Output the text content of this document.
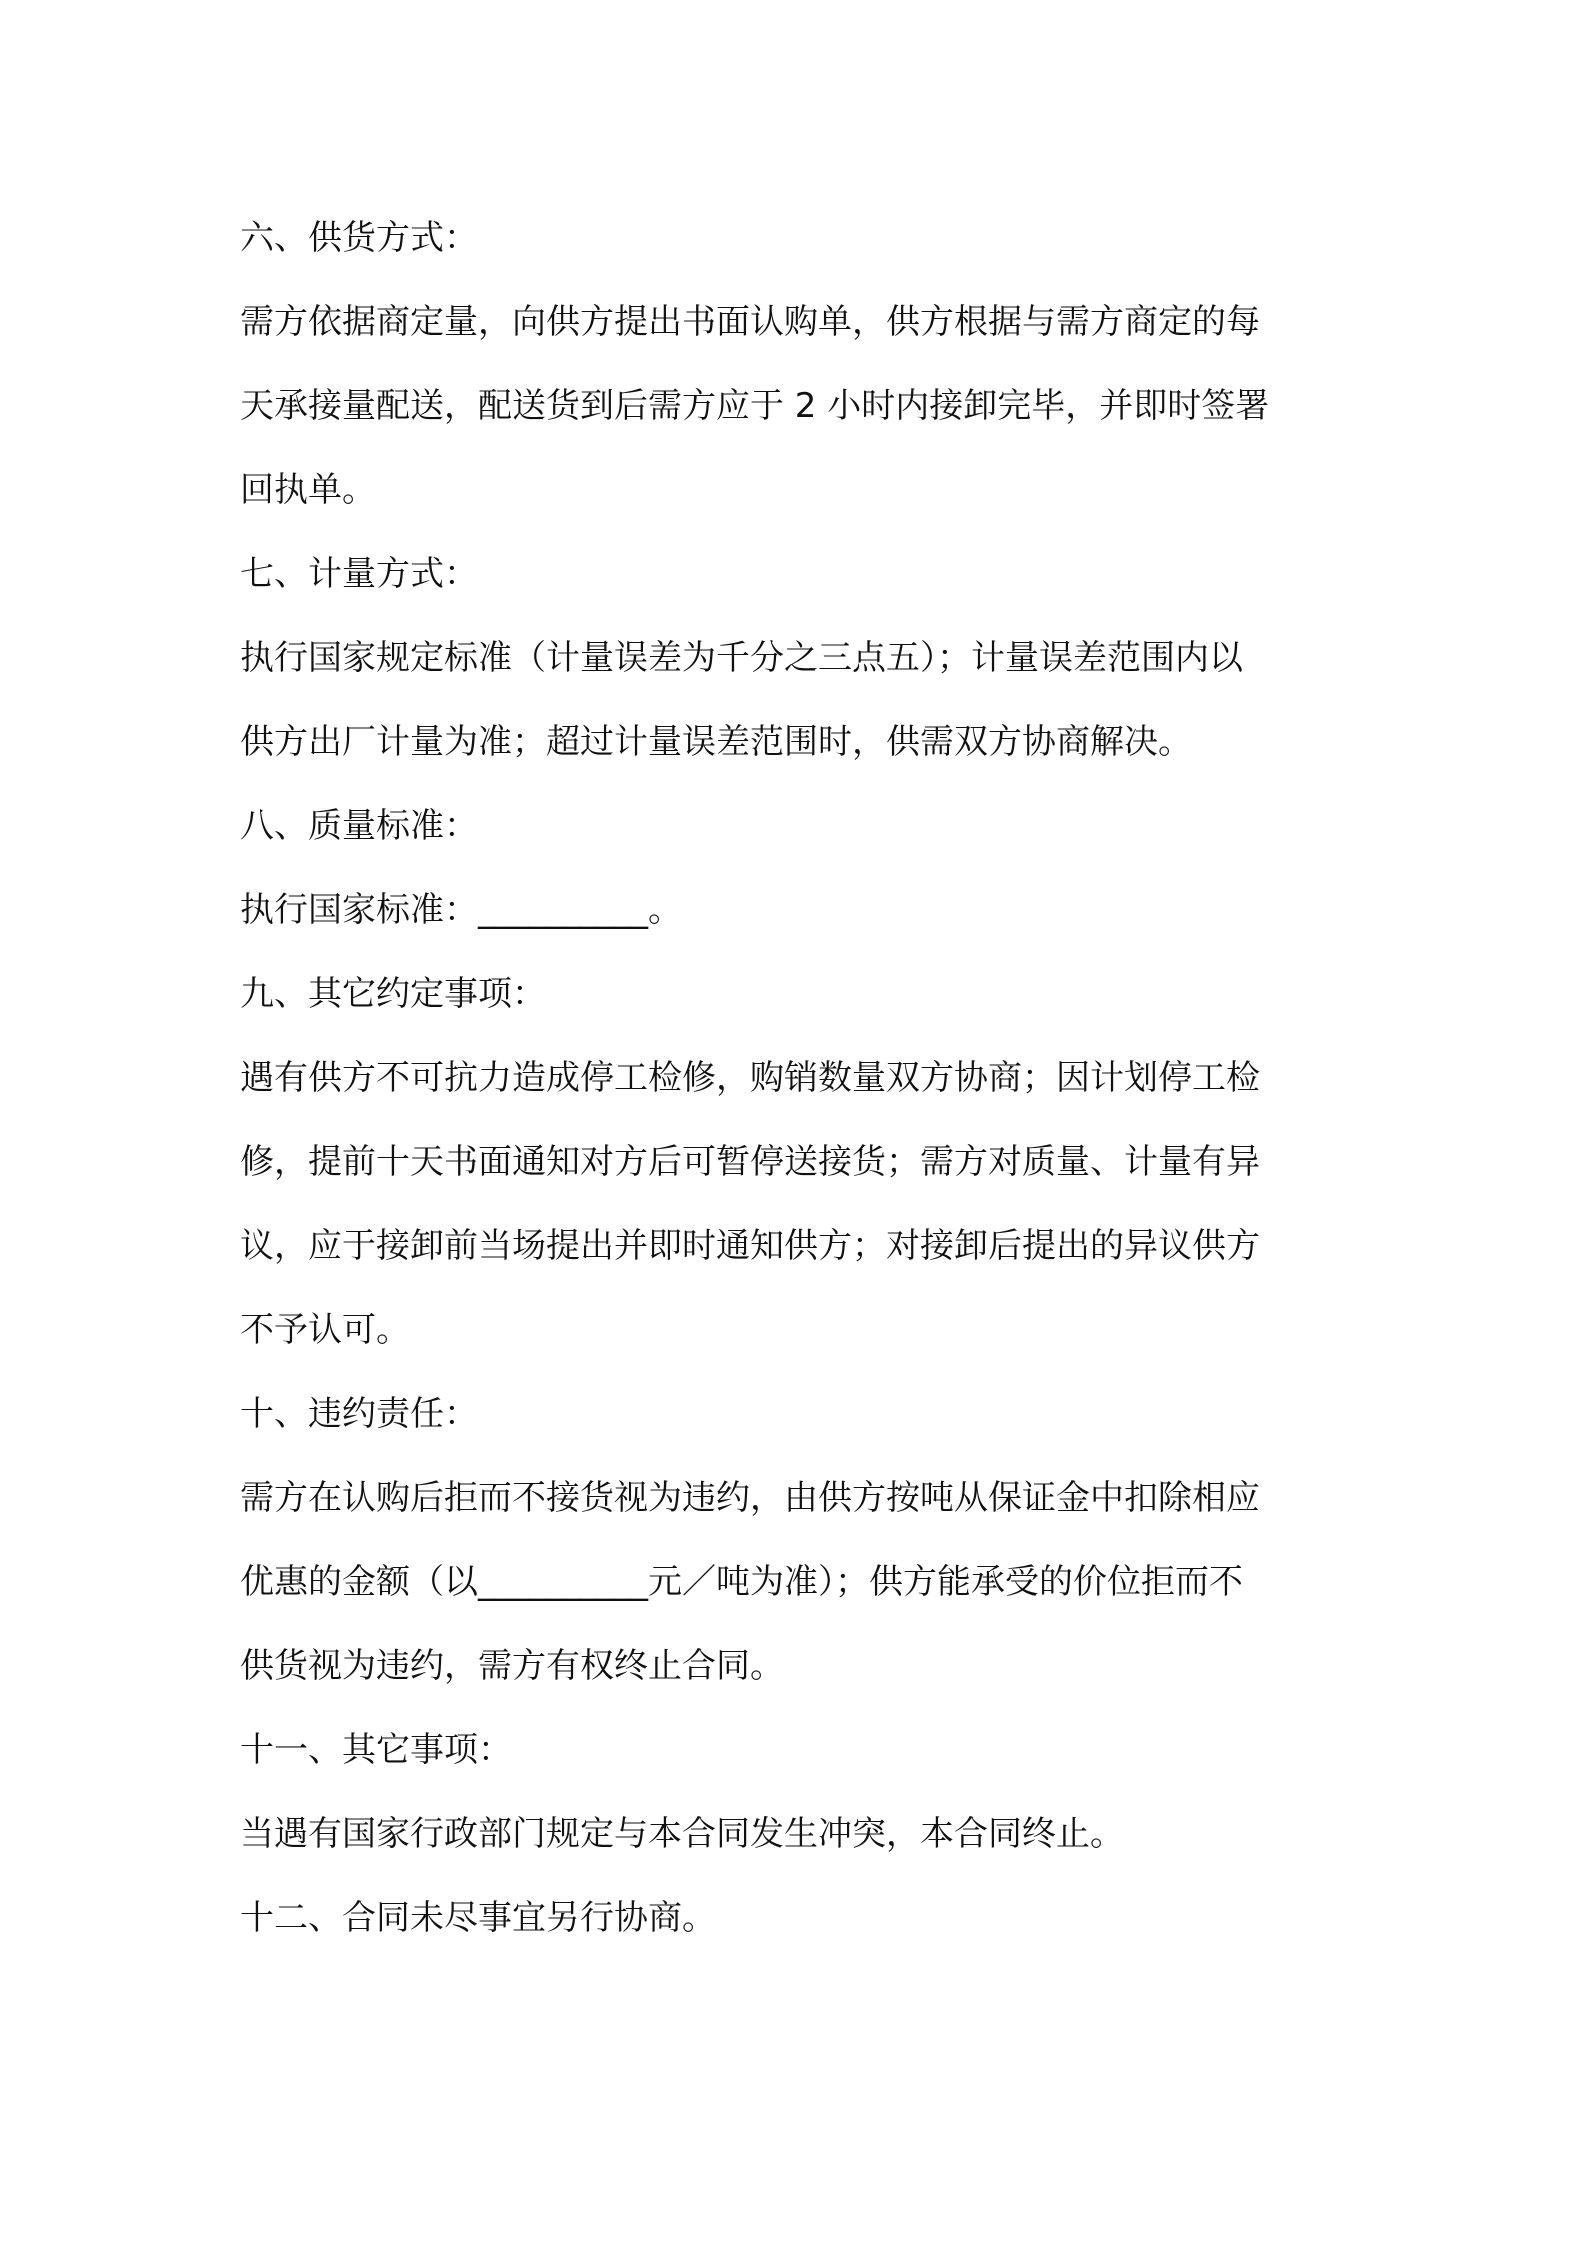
六、供货方式：
需方依据商定量，向供方提出书面认购单，供方根据与需方商定的每
天承接量配送，配送货到后需方应于 2 小时内接卸完毕，并即时签署
回执单。
七、计量方式：
执行国家规定标准（计量误差为千分之三点五）；计量误差范围内以
供方出厂计量为准；超过计量误差范围时，供需双方协商解决。
八、质量标准：
执行国家标准：__________。
九、其它约定事项：
遇有供方不可抗力造成停工检修，购销数量双方协商；因计划停工检
修，提前十天书面通知对方后可暂停送接货；需方对质量、计量有异
议，应于接卸前当场提出并即时通知供方；对接卸后提出的异议供方
不予认可。
十、违约责任：
需方在认购后拒而不接货视为违约，由供方按吨从保证金中扣除相应
优惠的金额（以__________元／吨为准）；供方能承受的价位拒而不
供货视为违约，需方有权终止合同。
十一、其它事项：
当遇有国家行政部门规定与本合同发生冲突，本合同终止。
十二、合同未尽事宜另行协商。
